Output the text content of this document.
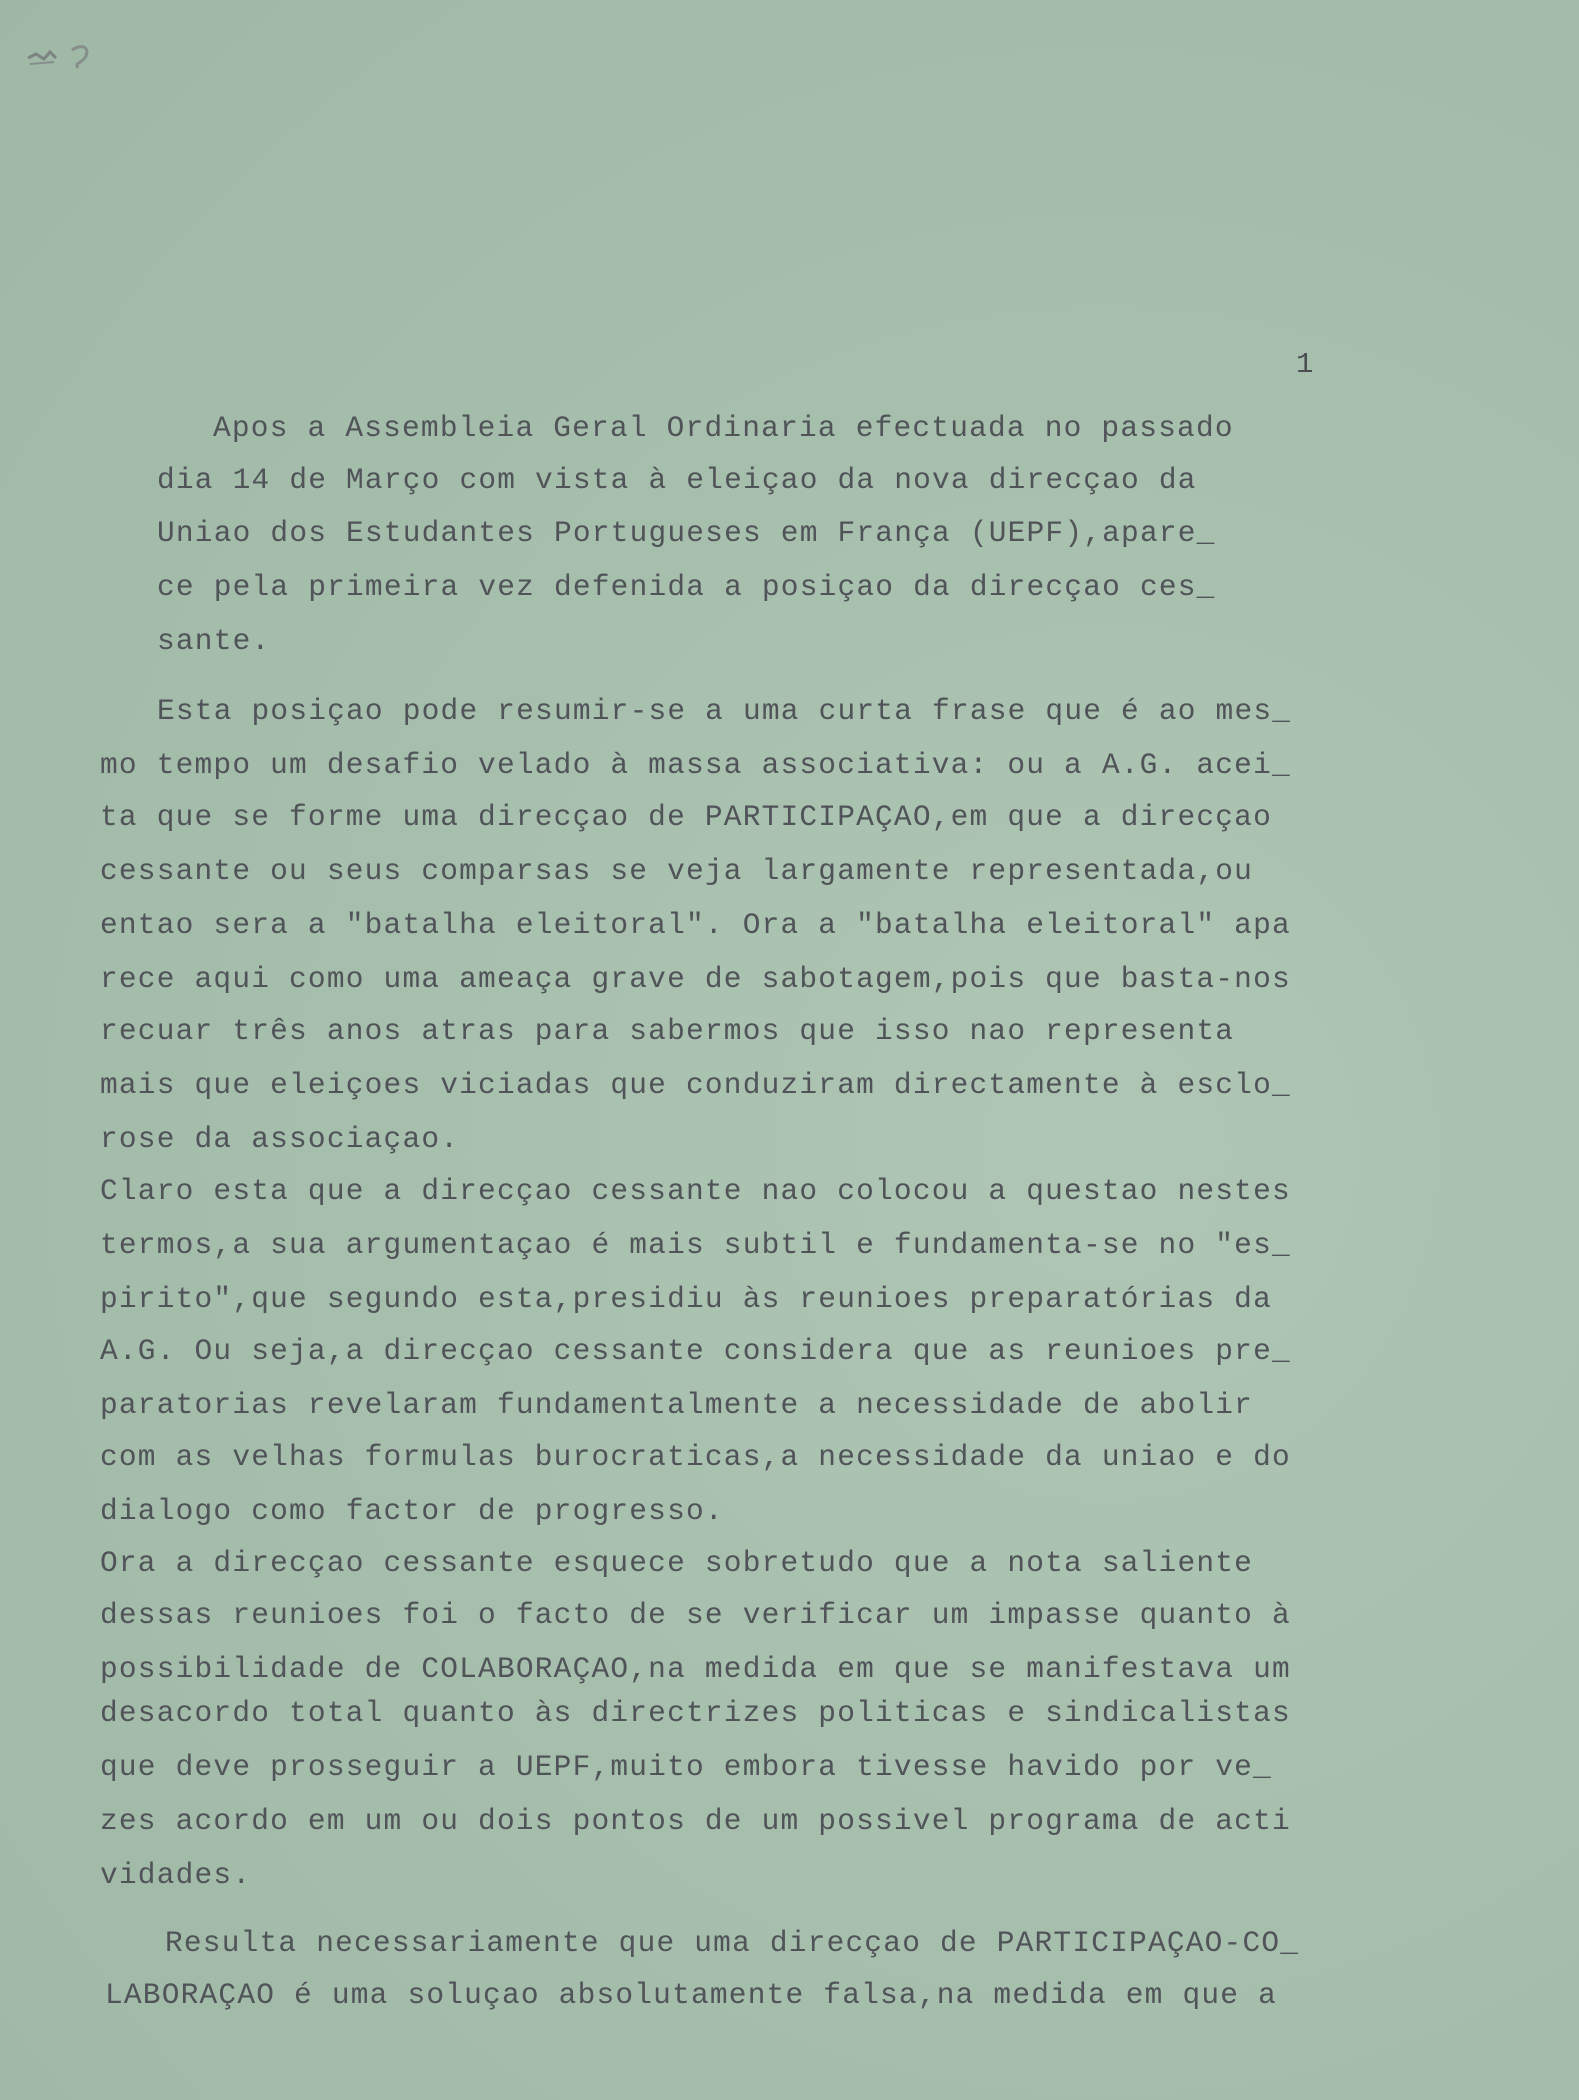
1
Apos a Assembleia Geral Ordinaria efectuada no passado
dia 14 de Março com vista à eleiçao da nova direcçao da
Uniao dos Estudantes Portugueses em França (UEPF),apare_
ce pela primeira vez defenida a posiçao da direcçao ces_
sante.
Esta posiçao pode resumir-se a uma curta frase que é ao mes_
mo tempo um desafio velado à massa associativa: ou a A.G. acei_
ta que se forme uma direcçao de PARTICIPAÇAO,em que a direcçao
cessante ou seus comparsas se veja largamente representada,ou
entao sera a "batalha eleitoral". Ora a "batalha eleitoral" apa
rece aqui como uma ameaça grave de sabotagem,pois que basta-nos
recuar três anos atras para sabermos que isso nao representa
mais que eleiçoes viciadas que conduziram directamente à esclo_
rose da associaçao.
Claro esta que a direcçao cessante nao colocou a questao nestes
termos,a sua argumentaçao é mais subtil e fundamenta-se no "es_
pirito",que segundo esta,presidiu às reunioes preparatórias da
A.G. Ou seja,a direcçao cessante considera que as reunioes pre_
paratorias revelaram fundamentalmente a necessidade de abolir
com as velhas formulas burocraticas,a necessidade da uniao e do
dialogo como factor de progresso.
Ora a direcçao cessante esquece sobretudo que a nota saliente
dessas reunioes foi o facto de se verificar um impasse quanto à
possibilidade de COLABORAÇAO,na medida em que se manifestava um
desacordo total quanto às directrizes politicas e sindicalistas
que deve prosseguir a UEPF,muito embora tivesse havido por ve_
zes acordo em um ou dois pontos de um possivel programa de acti
vidades.
Resulta necessariamente que uma direcçao de PARTICIPAÇAO-CO_
LABORAÇAO é uma soluçao absolutamente falsa,na medida em que a
